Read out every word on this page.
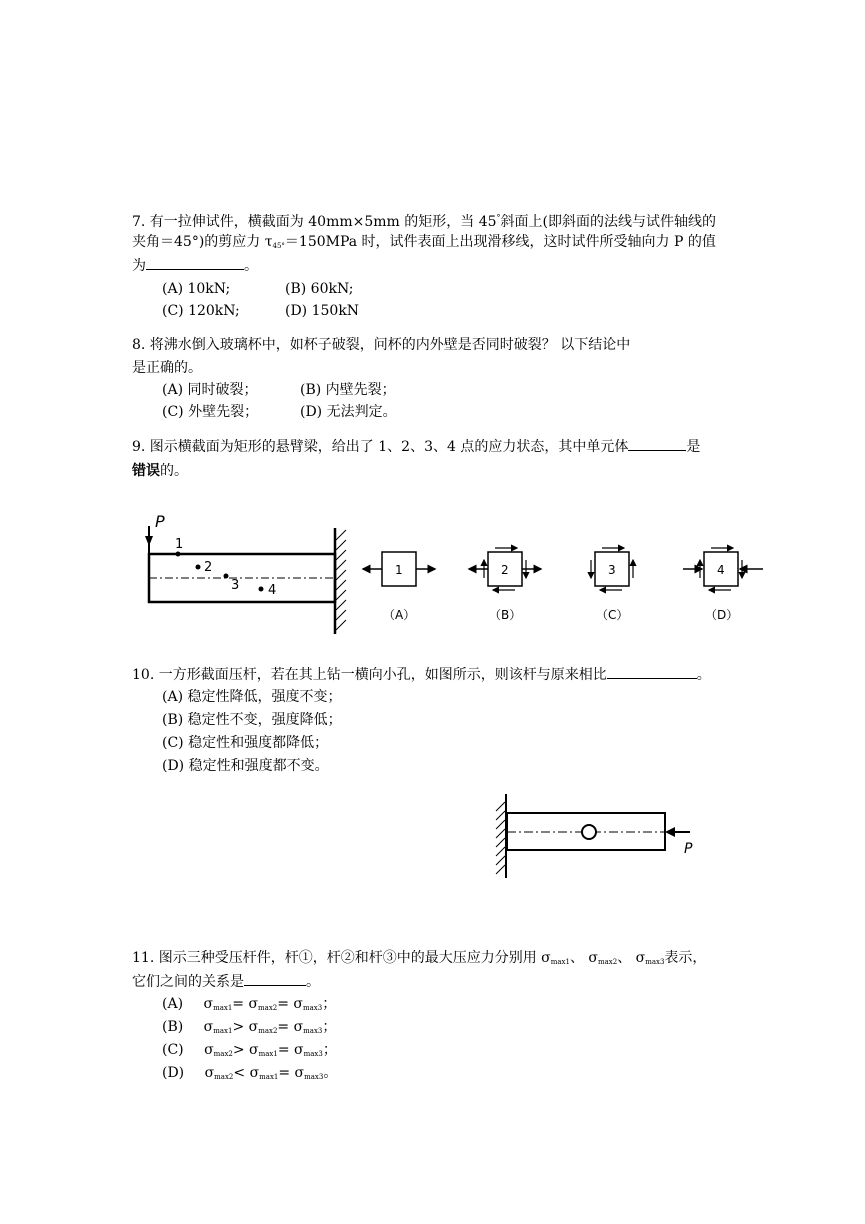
7. 有一拉伸试件，横截面为 40mm×5mm 的矩形，当 45°斜面上(即斜面的法线与试件轴线的
夹角＝45°)的剪应力 $\tau_{45^\circ}=150MPa$ 时，试件表面上出现滑移线，这时试件所受轴向力 P 的值
为	。
(A) 10kN;	(B) 60kN;
(C) 120kN;	(D) 150kN
8. 将沸水倒入玻璃杯中，如杯子破裂，问杯的内外壁是否同时破裂？ 以下结论中
是正确的。
(A) 同时破裂；	(B) 内壁先裂；
(C) 外壁先裂；	(D) 无法判定。
9. 图示横截面为矩形的悬臂梁，给出了 1、2、3、4 点的应力状态，其中单元体	是
错误的。
P
1
2
3 4
1
（A）
2
（B）
3
（C）
4
（D）
10. 一方形截面压杆，若在其上钻一横向小孔，如图所示，则该杆与原来相比	。
(A) 稳定性降低，强度不变；
(B) 稳定性不变，强度降低；
(C) 稳定性和强度都降低；
(D) 稳定性和强度都不变。
P
11. 图示三种受压杆件，杆①，杆②和杆③中的最大压应力分别用 $\sigma_{max1}$、 $\sigma_{max2}$、 $\sigma_{max3}$表示，
它们之间的关系是	。
(A) $\sigma_{max1}= \sigma_{max2}= \sigma_{max3}$；
(B) $\sigma_{max1}> \sigma_{max2}= \sigma_{max3}$；
(C) $\sigma_{max2}> \sigma_{max1}= \sigma_{max3}$；
(D) $\sigma_{max2}< \sigma_{max1}= \sigma_{max3}$。
